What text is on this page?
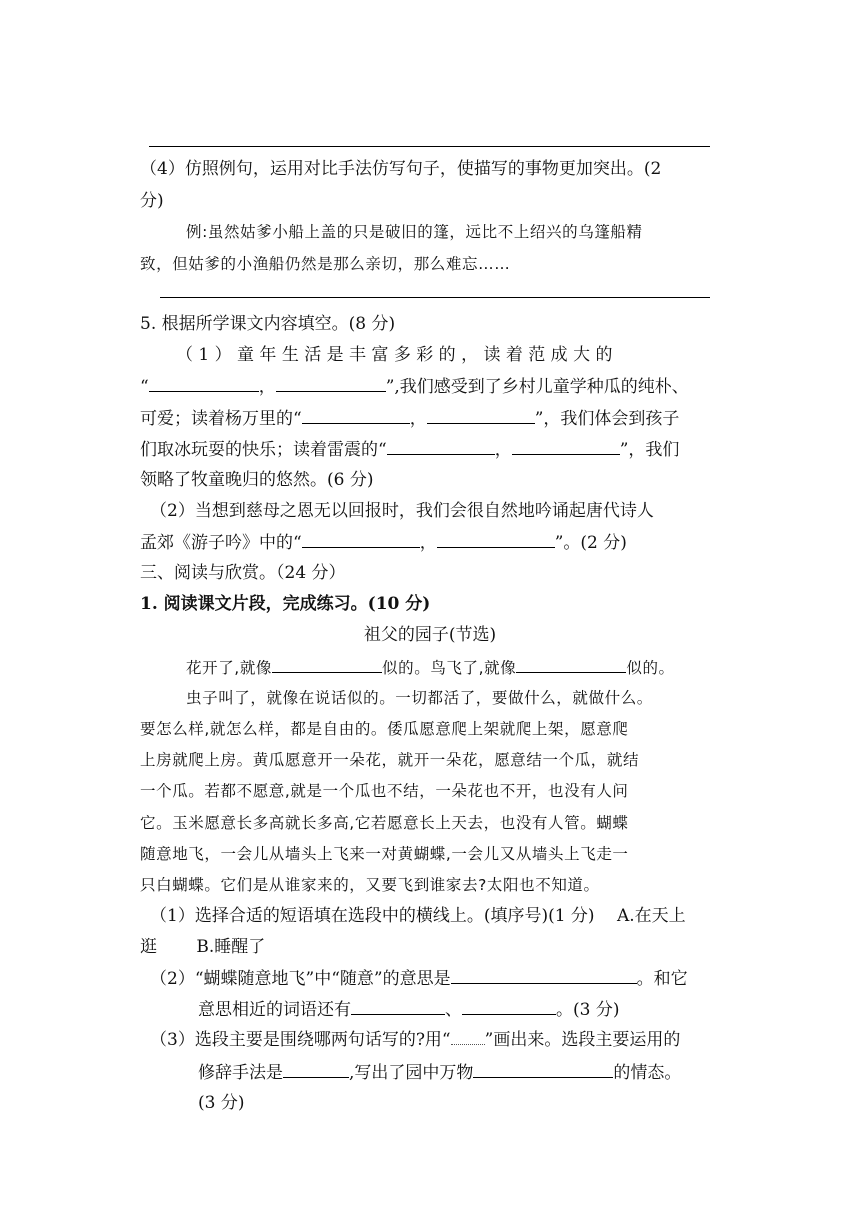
（4）仿照例句，运用对比手法仿写句子，使描写的事物更加突出。(2
分)
例:虽然姑爹小船上盖的只是破旧的篷，远比不上绍兴的乌篷船精
致，但姑爹的小渔船仍然是那么亲切，那么难忘……
5. 根据所学课文内容填空。(8 分)
（ 1 ） 童 年 生 活 是 丰 富 多 彩 的 ， 读 着 范 成 大 的
“	，	”,我们感受到了乡村儿童学种瓜的纯朴、
可爱；读着杨万里的“	，	”，我们体会到孩子
们取冰玩耍的快乐；读着雷震的“	，	”，我们
领略了牧童晚归的悠然。(6 分)
（2）当想到慈母之恩无以回报时，我们会很自然地吟诵起唐代诗人
孟郊《游子吟》中的“	，	”。(2 分)
三、阅读与欣赏。（24 分）
1. 阅读课文片段，完成练习。(10 分)
祖父的园子(节选)
花开了,就像	似的。鸟飞了,就像	似的。
虫子叫了，就像在说话似的。一切都活了，要做什么，就做什么。
要怎么样,就怎么样，都是自由的。倭瓜愿意爬上架就爬上架，愿意爬
上房就爬上房。黄瓜愿意开一朵花，就开一朵花，愿意结一个瓜，就结
一个瓜。若都不愿意,就是一个瓜也不结，一朵花也不开，也没有人问
它。玉米愿意长多高就长多高,它若愿意长上天去，也没有人管。蝴蝶
随意地飞，一会儿从墙头上飞来一对黄蝴蝶,一会儿又从墙头上飞走一
只白蝴蝶。它们是从谁家来的，又要飞到谁家去?太阳也不知道。
（1）选择合适的短语填在选段中的横线上。(填序号)(1 分)　 A.在天上
逛　　 B.睡醒了
（2）“蝴蝶随意地飞”中“随意”的意思是	。和它
意思相近的词语还有	、	。(3 分)
（3）选段主要是围绕哪两句话写的?用“ ”画出来。选段主要运用的
修辞手法是	,写出了园中万物	的情态。
(3 分)
